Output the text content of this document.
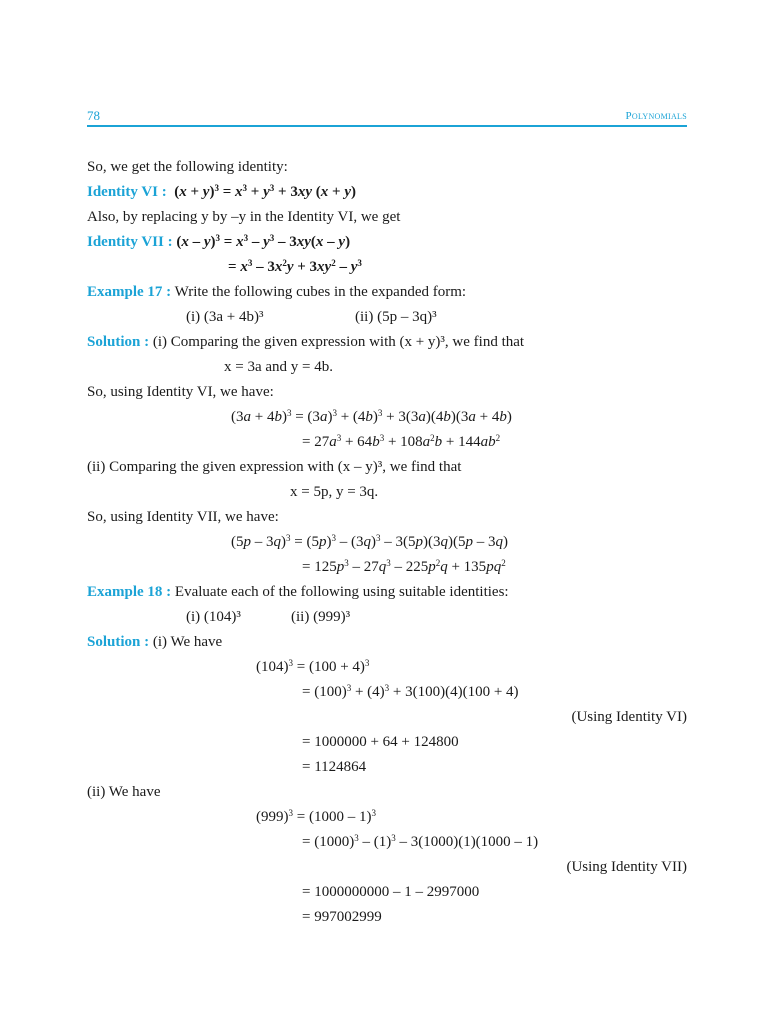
78	Polynomials
So, we get the following identity:
Identity VI :  $(x + y)^3 = x^3 + y^3 + 3xy$ (x + y)
Also, by replacing y by –y in the Identity VI, we get
Identity VII : $(x - y)^3 = x^3 - y^3 - 3xy(x - y)$
= $x^3 - 3x^2y + 3xy^2 - y^3$
Example 17 : Write the following cubes in the expanded form:
(i) (3a + 4b)³	(ii) (5p – 3q)³
Solution : (i) Comparing the given expression with (x + y)³, we find that
x = 3a and y = 4b.
So, using Identity VI, we have:
$(3a + 4b)^3 = (3a)^3 + (4b)^3 + 3(3a)(4b)(3a + 4b)$
= $27a^3 + 64b^3 + 108a^2b + 144ab^2$
(ii) Comparing the given expression with (x – y)³, we find that
x = 5p, y = 3q.
So, using Identity VII, we have:
$(5p - 3q)^3 = (5p)^3 - (3q)^3 - 3(5p)(3q)(5p - 3q)$
= $125p^3 - 27q^3 - 225p^2q + 135pq^2$
Example 18 : Evaluate each of the following using suitable identities:
(i) (104)³	(ii) (999)³
Solution : (i) We have
$(104)^3 = (100 + 4)^3$
= $(100)^3 + (4)^3 + 3(100)(4)(100 + 4)$
(Using Identity VI)
= 1000000 + 64 + 124800
= 1124864
(ii) We have
$(999)^3 = (1000 - 1)^3$
= $(1000)^3 - (1)^3 - 3(1000)(1)(1000 - 1)$
(Using Identity VII)
= 1000000000 – 1 – 2997000
= 997002999
